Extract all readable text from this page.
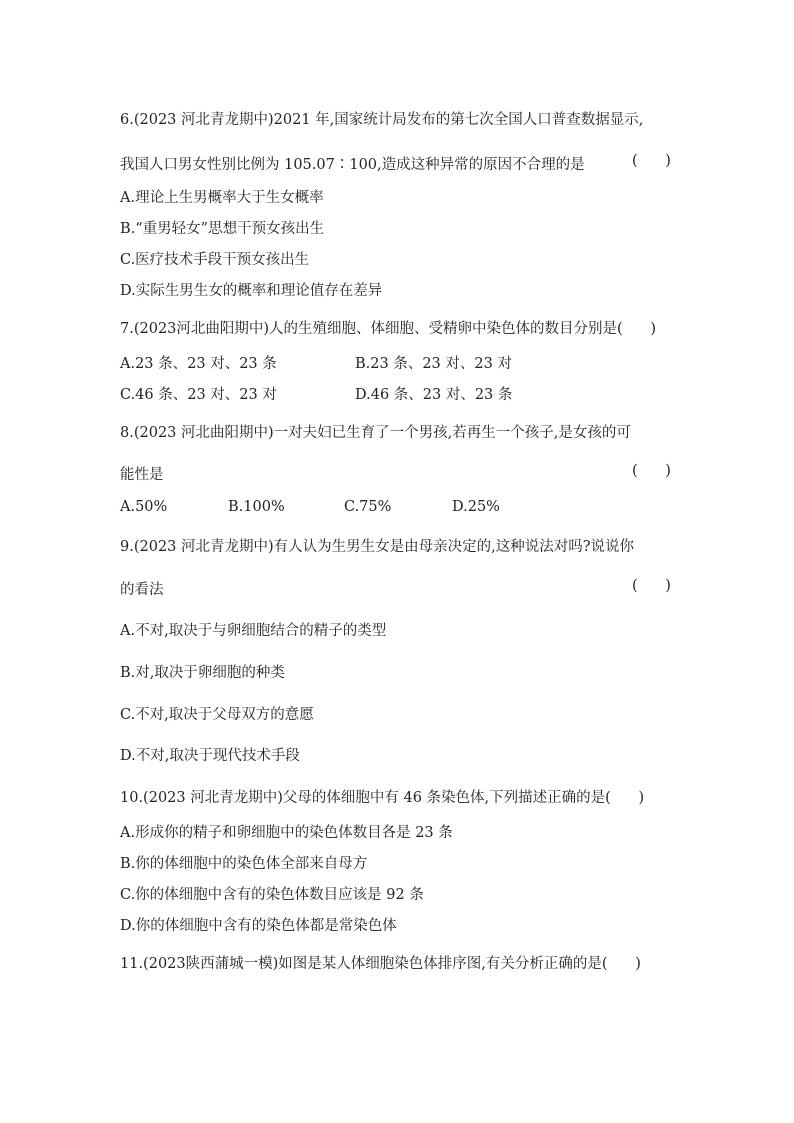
6.(2023 河北青龙期中)2021 年,国家统计局发布的第七次全国人口普查数据显示,
我国人口男女性别比例为 105.07∶100,造成这种异常的原因不合理的是	(      )
A.理论上生男概率大于生女概率
B.“重男轻女”思想干预女孩出生
C.医疗技术手段干预女孩出生
D.实际生男生女的概率和理论值存在差异
7.(2023河北曲阳期中)人的生殖细胞、体细胞、受精卵中染色体的数目分别是(      )
A.23 条、23 对、23 条	B.23 条、23 对、23 对
C.46 条、23 对、23 对	D.46 条、23 对、23 条
8.(2023 河北曲阳期中)一对夫妇已生育了一个男孩,若再生一个孩子,是女孩的可
能性是	(      )
A.50%	B.100%	C.75%	D.25%
9.(2023 河北青龙期中)有人认为生男生女是由母亲决定的,这种说法对吗?说说你
的看法	(      )
A.不对,取决于与卵细胞结合的精子的类型
B.对,取决于卵细胞的种类
C.不对,取决于父母双方的意愿
D.不对,取决于现代技术手段
10.(2023 河北青龙期中)父母的体细胞中有 46 条染色体,下列描述正确的是(      )
A.形成你的精子和卵细胞中的染色体数目各是 23 条
B.你的体细胞中的染色体全部来自母方
C.你的体细胞中含有的染色体数目应该是 92 条
D.你的体细胞中含有的染色体都是常染色体
11.(2023陕西蒲城一模)如图是某人体细胞染色体排序图,有关分析正确的是(      )
